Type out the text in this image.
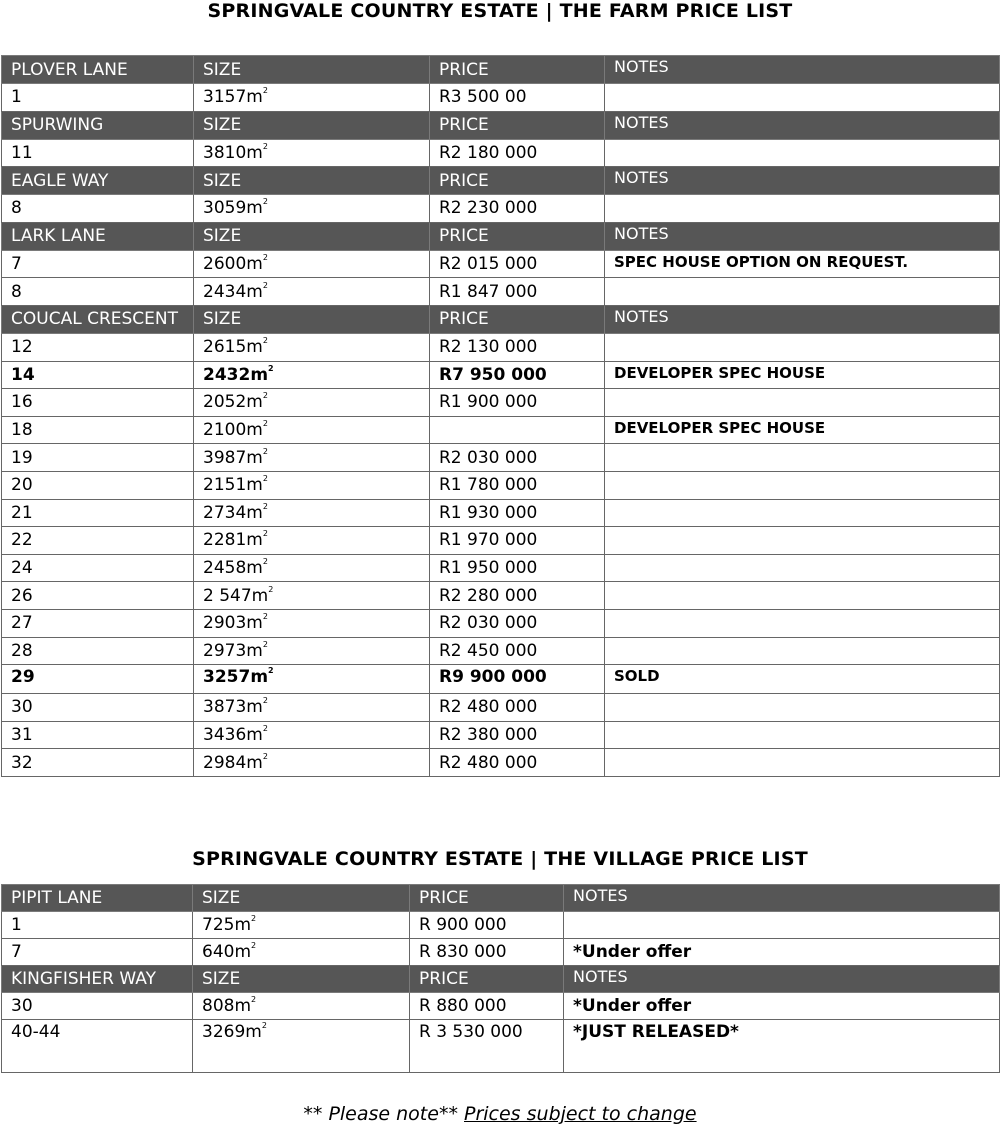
SPRINGVALE COUNTRY ESTATE | THE FARM PRICE LIST
PLOVER LANE	SIZE	PRICE	NOTES
1	$3157m^2$	R3 500 00	
SPURWING	SIZE	PRICE	NOTES
11	$3810m^2$	R2 180 000	
EAGLE WAY	SIZE	PRICE	NOTES
8	$3059m^2$	R2 230 000	
LARK LANE	SIZE	PRICE	NOTES
7	$2600m^2$	R2 015 000	SPEC HOUSE OPTION ON REQUEST.
8	$2434m^2$	R1 847 000	
COUCAL CRESCENT	SIZE	PRICE	NOTES
12	$2615m^2$	R2 130 000	
14	$2432m^2$	R7 950 000	DEVELOPER SPEC HOUSE
16	$2052m^2$	R1 900 000	
18	$2100m^2$		DEVELOPER SPEC HOUSE
19	$3987m^2$	R2 030 000	
20	$2151m^2$	R1 780 000	
21	$2734m^2$	R1 930 000	
22	$2281m^2$	R1 970 000	
24	$2458m^2$	R1 950 000	
26	2 $547m^2$	R2 280 000	
27	$2903m^2$	R2 030 000	
28	$2973m^2$	R2 450 000	
29	$3257m^2$	R9 900 000	SOLD
30	$3873m^2$	R2 480 000	
31	$3436m^2$	R2 380 000	
32	$2984m^2$	R2 480 000	
SPRINGVALE COUNTRY ESTATE | THE VILLAGE PRICE LIST
PIPIT LANE	SIZE	PRICE	NOTES
1	$725m^2$	R 900 000	
7	$640m^2$	R 830 000	*Under offer
KINGFISHER WAY	SIZE	PRICE	NOTES
30	$808m^2$	R 880 000	*Under offer
40-44	$3269m^2$	R 3 530 000	*JUST RELEASED*
** Please note** Prices subject to change
